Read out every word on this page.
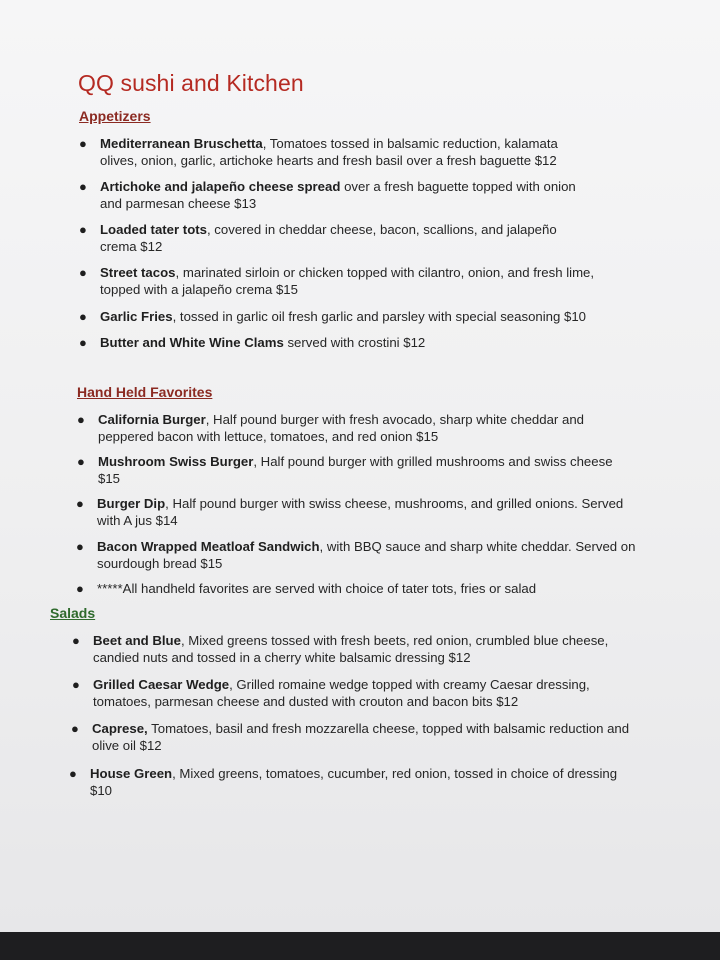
QQ sushi and Kitchen
Appetizers
● Mediterranean Bruschetta, Tomatoes tossed in balsamic reduction, kalamata
olives, onion, garlic, artichoke hearts and fresh basil over a fresh baguette $12
● Artichoke and jalapeño cheese spread over a fresh baguette topped with onion
and parmesan cheese $13
● Loaded tater tots, covered in cheddar cheese, bacon, scallions, and jalapeño
crema $12
● Street tacos, marinated sirloin or chicken topped with cilantro, onion, and fresh lime,
topped with a jalapeño crema $15
● Garlic Fries, tossed in garlic oil fresh garlic and parsley with special seasoning $10
● Butter and White Wine Clams served with crostini $12
Hand Held Favorites
● California Burger, Half pound burger with fresh avocado, sharp white cheddar and
peppered bacon with lettuce, tomatoes, and red onion $15
● Mushroom Swiss Burger, Half pound burger with grilled mushrooms and swiss cheese
$15
● Burger Dip, Half pound burger with swiss cheese, mushrooms, and grilled onions. Served
with A jus $14
● Bacon Wrapped Meatloaf Sandwich, with BBQ sauce and sharp white cheddar. Served on
sourdough bread $15
● *****All handheld favorites are served with choice of tater tots, fries or salad
Salads
● Beet and Blue, Mixed greens tossed with fresh beets, red onion, crumbled blue cheese,
candied nuts and tossed in a cherry white balsamic dressing $12
● Grilled Caesar Wedge, Grilled romaine wedge topped with creamy Caesar dressing,
tomatoes, parmesan cheese and dusted with crouton and bacon bits $12
● Caprese, Tomatoes, basil and fresh mozzarella cheese, topped with balsamic reduction and
olive oil $12
● House Green, Mixed greens, tomatoes, cucumber, red onion, tossed in choice of dressing
$10
